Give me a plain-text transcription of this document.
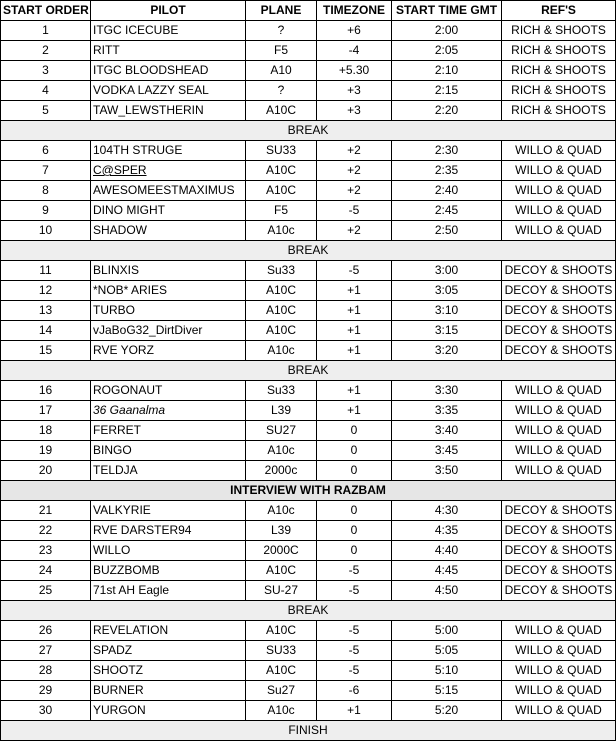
START ORDER	PILOT	PLANE	TIMEZONE	START TIME GMT	REF'S
1	ITGC ICECUBE	?	+6	2:00	RICH & SHOOTS
2	RITT	F5	-4	2:05	RICH & SHOOTS
3	ITGC BLOODSHEAD	A10	+5.30	2:10	RICH & SHOOTS
4	VODKA LAZZY SEAL	?	+3	2:15	RICH & SHOOTS
5	TAW_LEWSTHERIN	A10C	+3	2:20	RICH & SHOOTS
BREAK					
6	104TH STRUGE	SU33	+2	2:30	WILLO & QUAD
7	C@SPER	A10C	+2	2:35	WILLO & QUAD
8	AWESOMEESTMAXIMUS	A10C	+2	2:40	WILLO & QUAD
9	DINO MIGHT	F5	-5	2:45	WILLO & QUAD
10	SHADOW	A10c	+2	2:50	WILLO & QUAD
BREAK					
11	BLINXIS	Su33	-5	3:00	DECOY & SHOOTS
12	*NOB* ARIES	A10C	+1	3:05	DECOY & SHOOTS
13	TURBO	A10C	+1	3:10	DECOY & SHOOTS
14	vJaBoG32_DirtDiver	A10C	+1	3:15	DECOY & SHOOTS
15	RVE YORZ	A10c	+1	3:20	DECOY & SHOOTS
BREAK					
16	ROGONAUT	Su33	+1	3:30	WILLO & QUAD
17	36 Gaanalma	L39	+1	3:35	WILLO & QUAD
18	FERRET	SU27	0	3:40	WILLO & QUAD
19	BINGO	A10c	0	3:45	WILLO & QUAD
20	TELDJA	2000c	0	3:50	WILLO & QUAD
INTERVIEW WITH RAZBAM					
21	VALKYRIE	A10c	0	4:30	DECOY & SHOOTS
22	RVE DARSTER94	L39	0	4:35	DECOY & SHOOTS
23	WILLO	2000C	0	4:40	DECOY & SHOOTS
24	BUZZBOMB	A10C	-5	4:45	DECOY & SHOOTS
25	71st AH Eagle	SU-27	-5	4:50	DECOY & SHOOTS
BREAK					
26	REVELATION	A10C	-5	5:00	WILLO & QUAD
27	SPADZ	SU33	-5	5:05	WILLO & QUAD
28	SHOOTZ	A10C	-5	5:10	WILLO & QUAD
29	BURNER	Su27	-6	5:15	WILLO & QUAD
30	YURGON	A10c	+1	5:20	WILLO & QUAD
FINISH					
